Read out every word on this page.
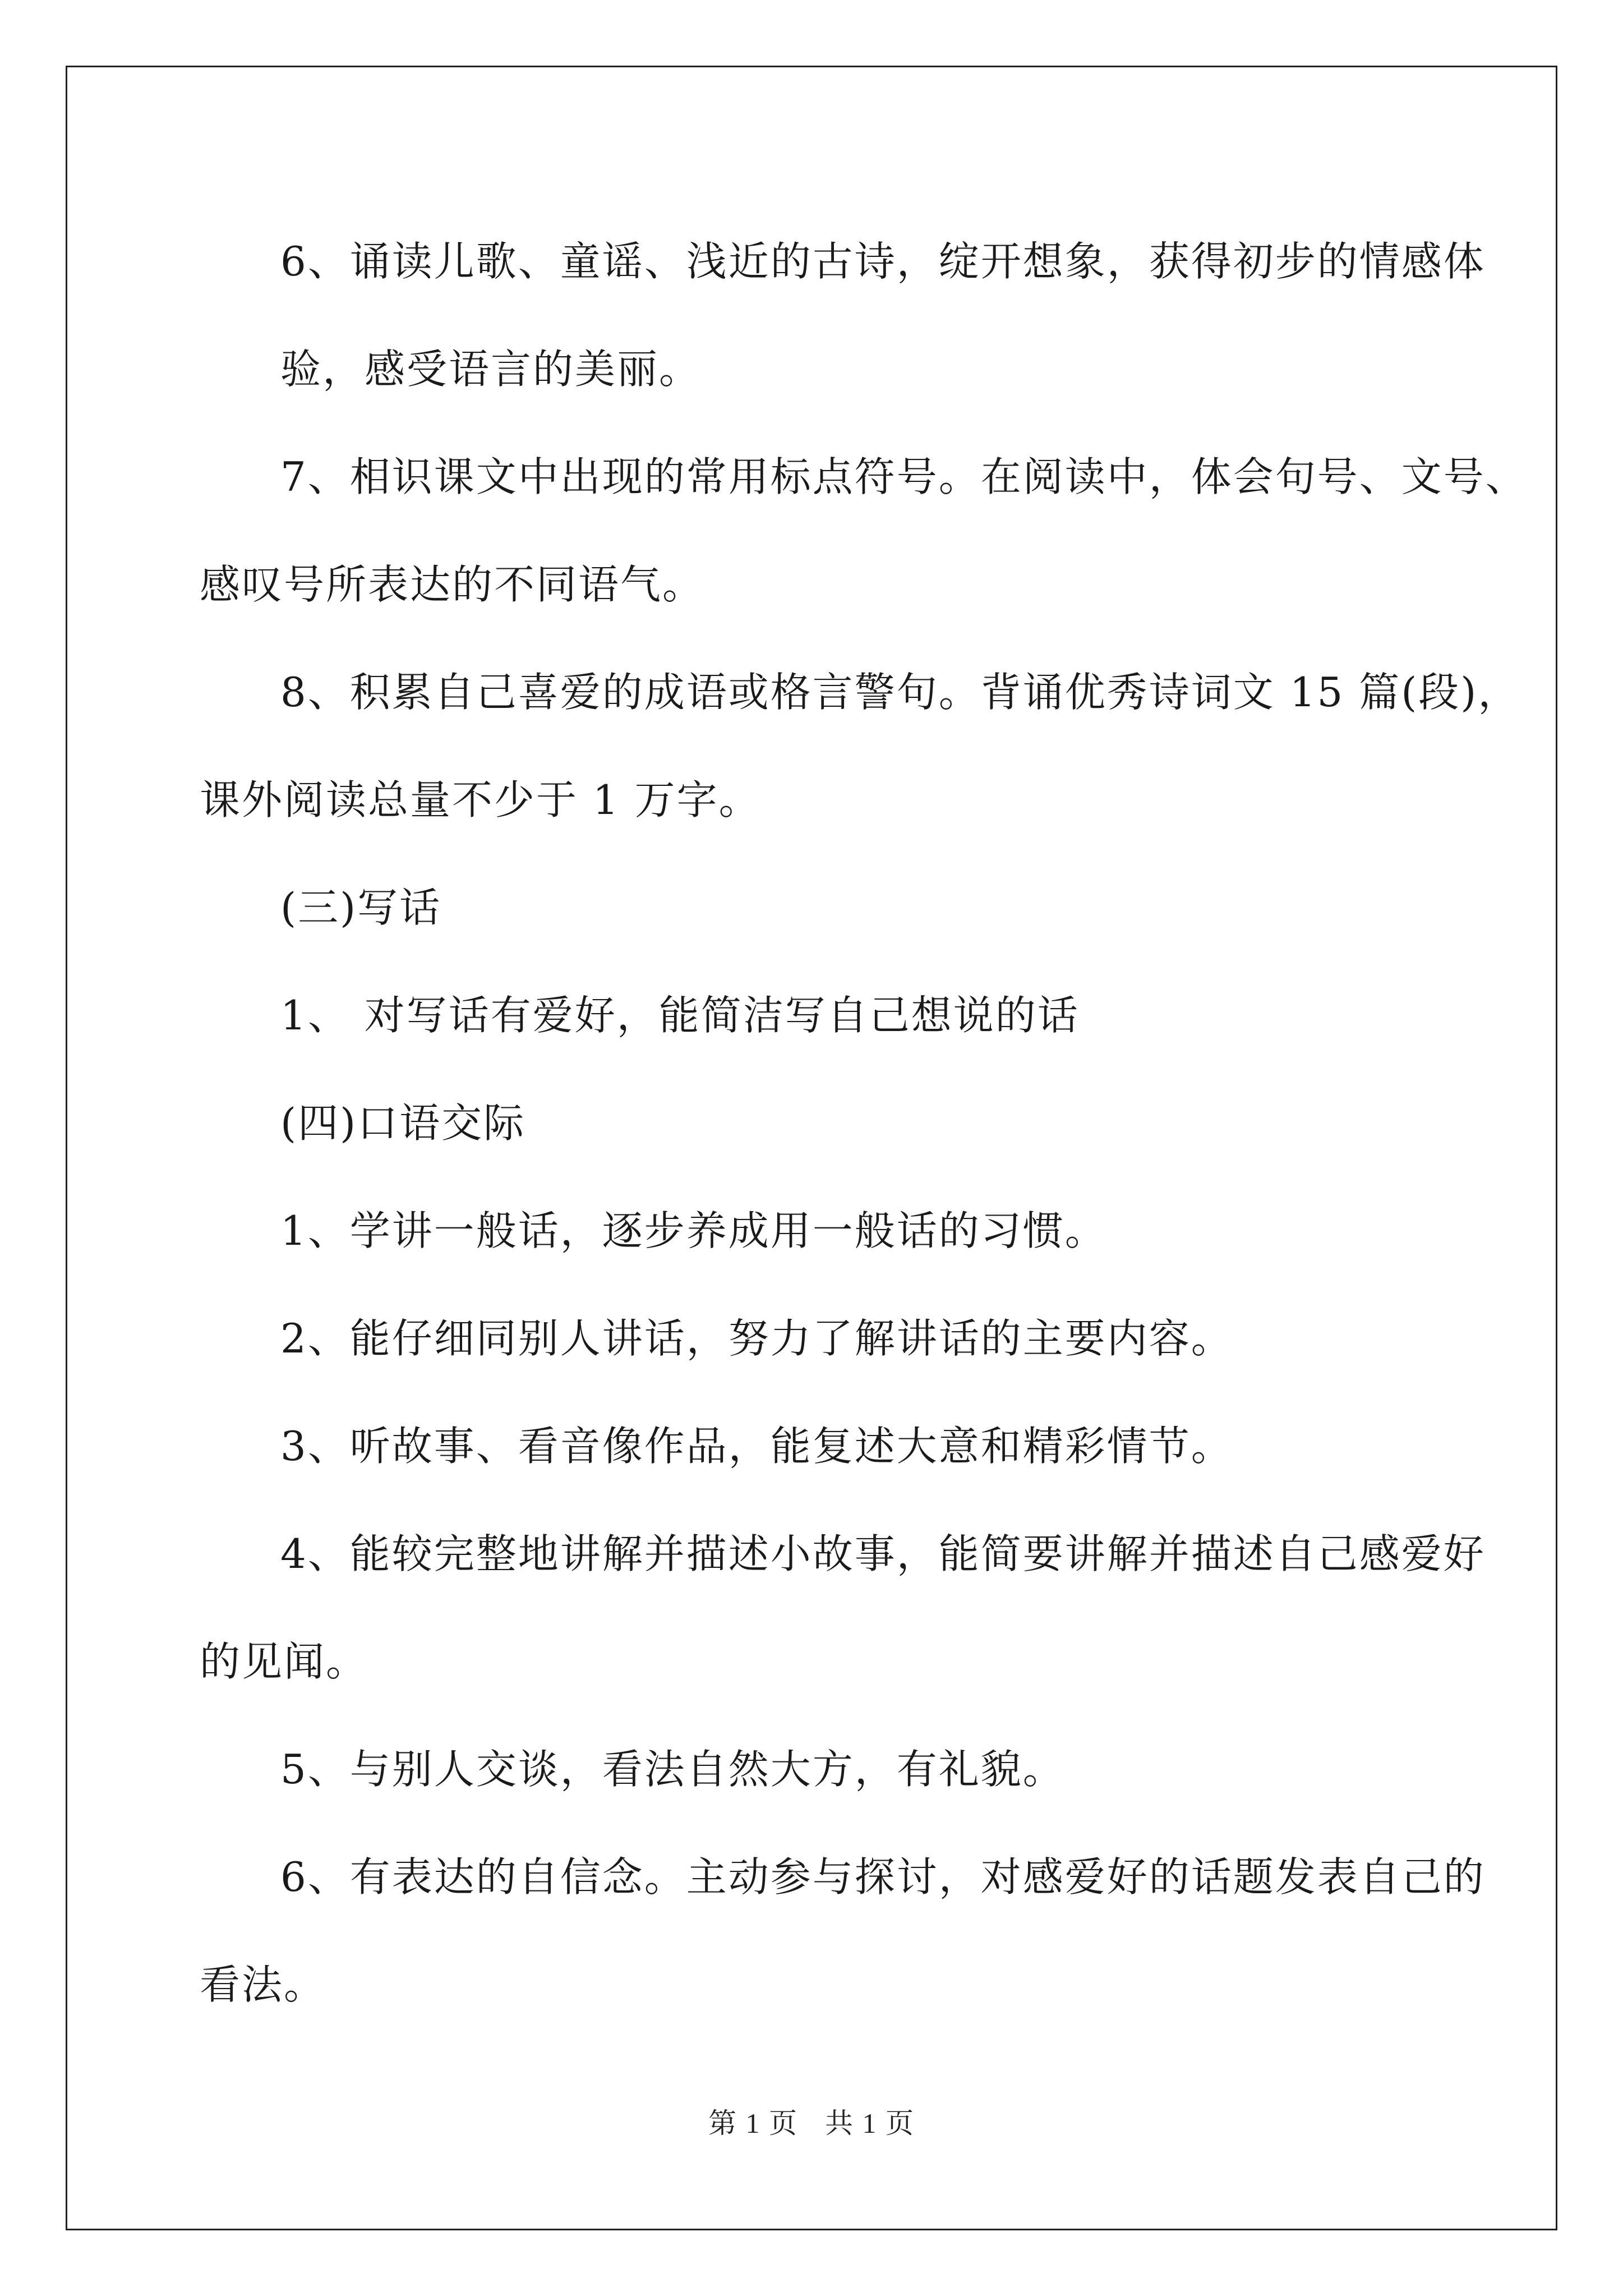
6、诵读儿歌、童谣、浅近的古诗，绽开想象，获得初步的情感体
验，感受语言的美丽。
7、相识课文中出现的常用标点符号。在阅读中，体会句号、文号、
感叹号所表达的不同语气。
8、积累自己喜爱的成语或格言警句。背诵优秀诗词文 15 篇(段)，
课外阅读总量不少于 1 万字。
(三)写话
1、 对写话有爱好，能简洁写自己想说的话
(四)口语交际
1、学讲一般话，逐步养成用一般话的习惯。
2、能仔细同别人讲话，努力了解讲话的主要内容。
3、听故事、看音像作品，能复述大意和精彩情节。
4、能较完整地讲解并描述小故事，能简要讲解并描述自己感爱好
的见闻。
5、与别人交谈，看法自然大方，有礼貌。
6、有表达的自信念。主动参与探讨，对感爱好的话题发表自己的
看法。
第 1 页 共 1 页
